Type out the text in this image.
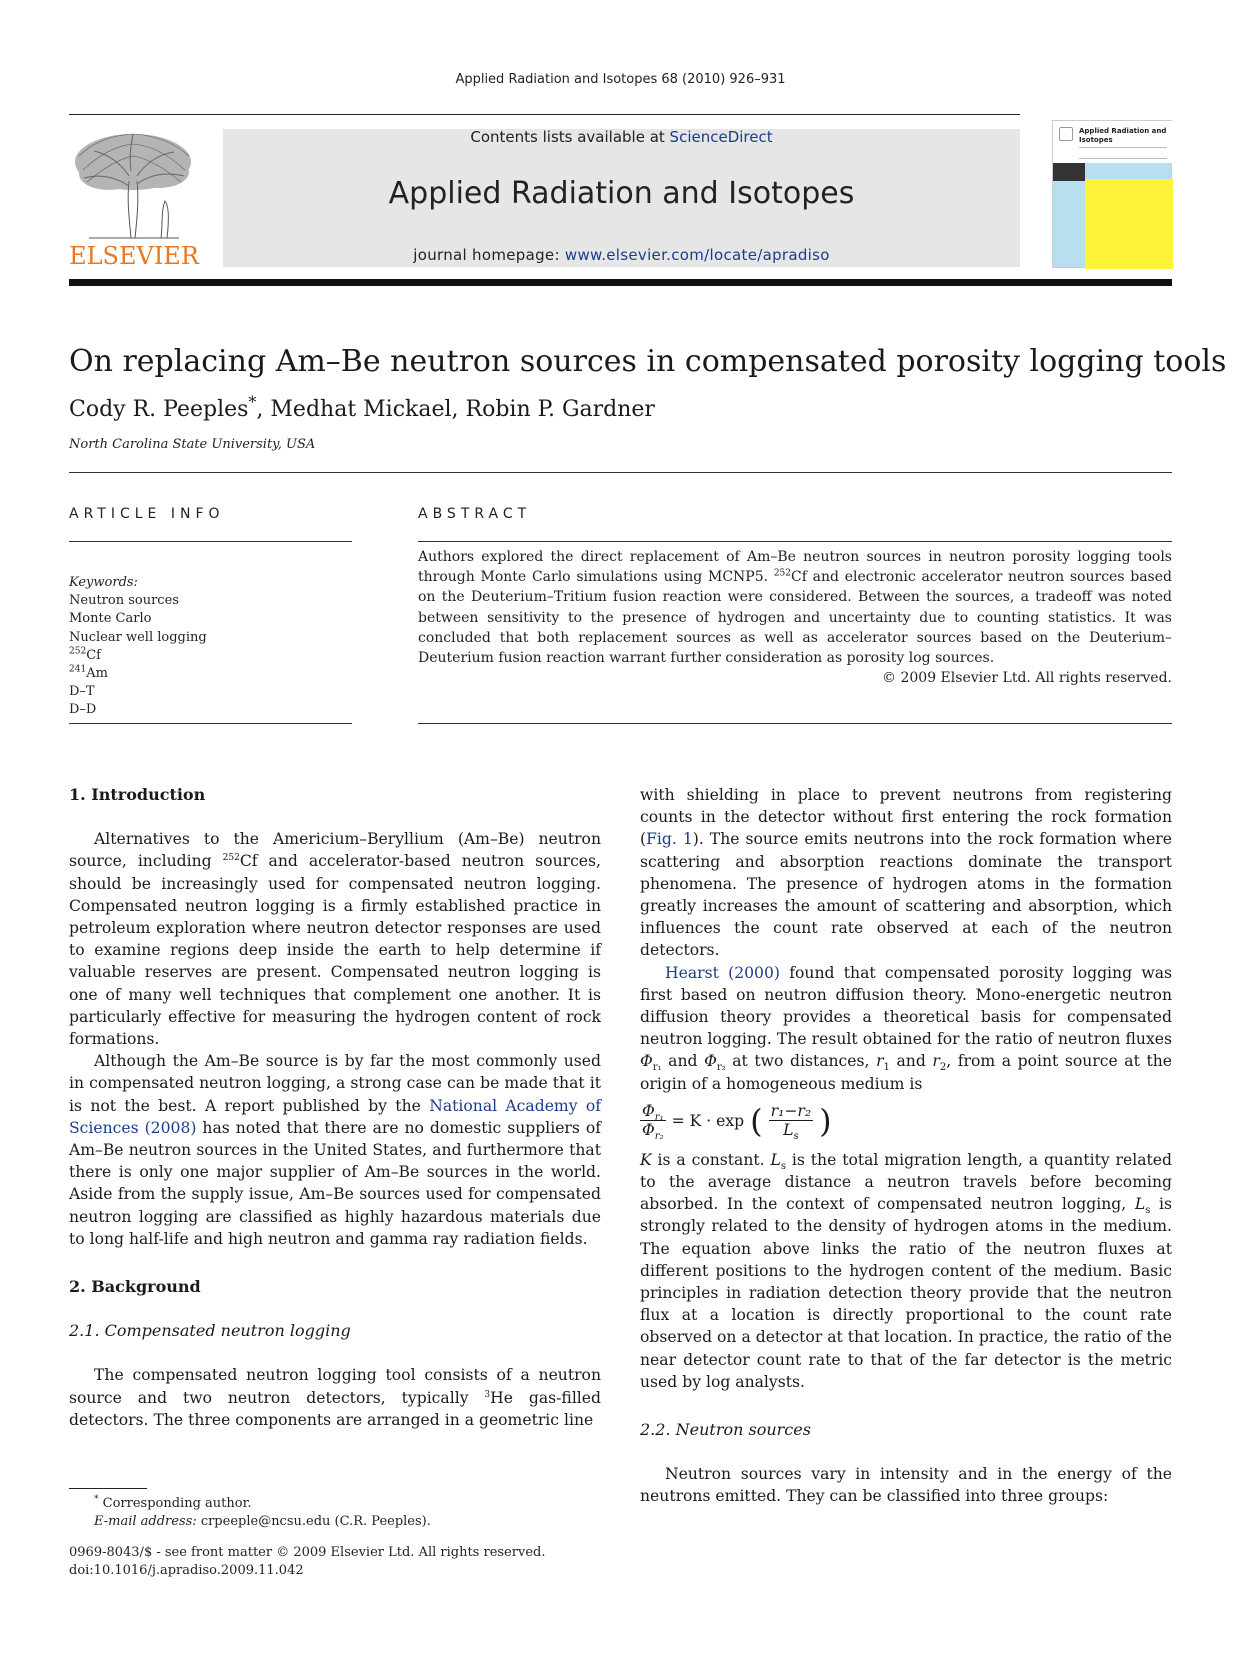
Applied Radiation and Isotopes 68 (2010) 926–931
ELSEVIER
Contents lists available at ScienceDirect
Applied Radiation and Isotopes
journal homepage: www.elsevier.com/locate/apradiso
Applied Radiation and Isotopes
On replacing Am–Be neutron sources in compensated porosity logging tools
Cody R. Peeples*, Medhat Mickael, Robin P. Gardner
North Carolina State University, USA
ARTICLE INFO
Keywords:
Neutron sources
Monte Carlo
Nuclear well logging
$^{252}$Cf
$^{241}$Am
D–T
D–D
ABSTRACT
Authors explored the direct replacement of Am–Be neutron sources in neutron porosity logging tools through Monte Carlo simulations using MCNP5. $^{252}$Cf and electronic accelerator neutron sources based on the Deuterium–Tritium fusion reaction were considered. Between the sources, a tradeoff was noted between sensitivity to the presence of hydrogen and uncertainty due to counting statistics. It was concluded that both replacement sources as well as accelerator sources based on the Deuterium–Deuterium fusion reaction warrant further consideration as porosity log sources.
© 2009 Elsevier Ltd. All rights reserved.
1. Introduction
Alternatives to the Americium–Beryllium (Am–Be) neutron source, including $^{252}$Cf and accelerator-based neutron sources, should be increasingly used for compensated neutron logging. Compensated neutron logging is a firmly established practice in petroleum exploration where neutron detector responses are used to examine regions deep inside the earth to help determine if valuable reserves are present. Compensated neutron logging is one of many well techniques that complement one another. It is particularly effective for measuring the hydrogen content of rock formations.
Although the Am–Be source is by far the most commonly used in compensated neutron logging, a strong case can be made that it is not the best. A report published by the National Academy of Sciences (2008) has noted that there are no domestic suppliers of Am–Be neutron sources in the United States, and furthermore that there is only one major supplier of Am–Be sources in the world. Aside from the supply issue, Am–Be sources used for compensated neutron logging are classified as highly hazardous materials due to long half-life and high neutron and gamma ray radiation fields.
2. Background
2.1. Compensated neutron logging
The compensated neutron logging tool consists of a neutron source and two neutron detectors, typically $^3$He gas-filled detectors. The three components are arranged in a geometric line
with shielding in place to prevent neutrons from registering counts in the detector without first entering the rock formation (Fig. 1). The source emits neutrons into the rock formation where scattering and absorption reactions dominate the transport phenomena. The presence of hydrogen atoms in the formation greatly increases the amount of scattering and absorption, which influences the count rate observed at each of the neutron detectors.
Hearst (2000) found that compensated porosity logging was first based on neutron diffusion theory. Mono-energetic neutron diffusion theory provides a theoretical basis for compensated neutron logging. The result obtained for the ratio of neutron fluxes $\Phi_{r_1}$ and $\Phi_{r_2}$ at two distances, $r_1$ and $r_2$, from a point source at the origin of a homogeneous medium is
$\frac{\Phi_{r_1}}{\Phi_{r_2}} = K \cdot \exp$ ( $\frac{\text{r₁−r₂}}{L_s}$ )
K is a constant. $L_s$ is the total migration length, a quantity related to the average distance a neutron travels before becoming absorbed. In the context of compensated neutron logging, $L_s$ is strongly related to the density of hydrogen atoms in the medium. The equation above links the ratio of the neutron fluxes at different positions to the hydrogen content of the medium. Basic principles in radiation detection theory provide that the neutron flux at a location is directly proportional to the count rate observed on a detector at that location. In practice, the ratio of the near detector count rate to that of the far detector is the metric used by log analysts.
2.2. Neutron sources
Neutron sources vary in intensity and in the energy of the neutrons emitted. They can be classified into three groups:
* Corresponding author.
E-mail address: crpeeple@ncsu.edu (C.R. Peeples).
0969-8043/$ - see front matter © 2009 Elsevier Ltd. All rights reserved.
doi:10.1016/j.apradiso.2009.11.042
